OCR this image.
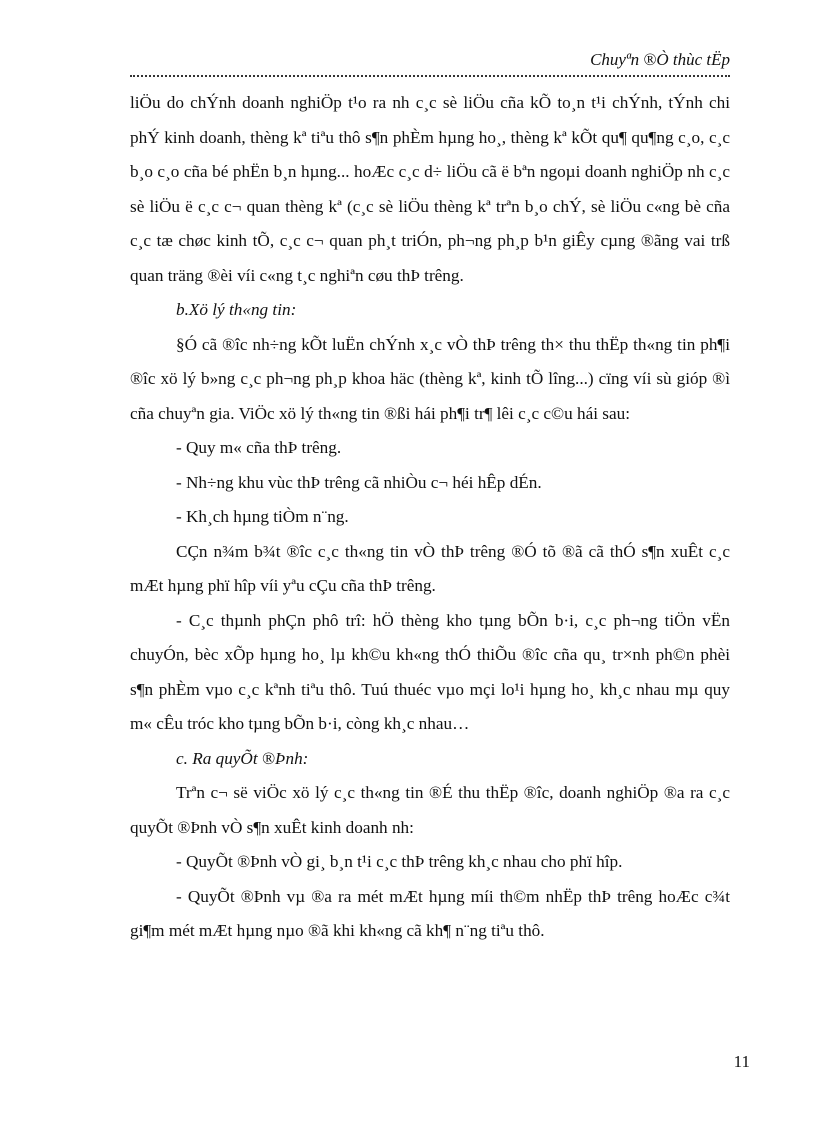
Chuyªn ®Ò thùc tËp

liÖu do chÝnh doanh nghiÖp t¹o ra nh c¸c sè liÖu cña kÕ to¸n t¹i chÝnh, tÝnh chi phÝ kinh doanh, thèng kª tiªu thô s¶n phÈm hµng ho¸, thèng kª kÕt qu¶ qu¶ng c¸o, c¸c b¸o c¸o cña bé phËn b¸n hµng... hoÆc c¸c d÷ liÖu cã ë bªn ngoµi doanh nghiÖp nh c¸c sè liÖu ë c¸c c¬ quan thèng kª (c¸c sè liÖu thèng kª trªn b¸o chÝ, sè liÖu c«ng bè cña c¸c tæ chøc kinh tÕ, c¸c c¬ quan ph¸t triÓn, ph¬ng ph¸p b¹n giÊy cµng ®ãng vai trß quan träng ®èi víi c«ng t¸c nghiªn cøu thÞ trêng.

b.Xö lý th«ng tin:

§Ó cã ®îc nh÷ng kÕt luËn chÝnh x¸c vÒ thÞ trêng th× thu thËp th«ng tin ph¶i ®îc xö lý b»ng c¸c ph¬ng ph¸p khoa häc (thèng kª, kinh tÕ lîng...) cïng víi sù gióp ®ì cña chuyªn gia. ViÖc xö lý th«ng tin ®ßi hái ph¶i tr¶ lêi c¸c c©u hái sau:

- Quy m« cña thÞ trêng.

- Nh÷ng khu vùc thÞ trêng cã nhiÒu c¬ héi hÊp dÉn.

- Kh¸ch hµng tiÒm n¨ng.

CÇn n¾m b¾t ®îc c¸c th«ng tin vÒ thÞ trêng ®Ó tõ ®ã cã thÓ s¶n xuÊt c¸c mÆt hµng phï hîp víi yªu cÇu cña thÞ trêng.

- C¸c thµnh phÇn phô trî: hÖ thèng kho tµng bÕn b·i, c¸c ph¬ng tiÖn vËn chuyÓn, bèc xÕp hµng ho¸ lµ kh©u kh«ng thÓ thiÕu ®îc cña qu¸ tr×nh ph©n phèi s¶n phÈm vµo c¸c kªnh tiªu thô. Tuú thuéc vµo mçi lo¹i hµng ho¸ kh¸c nhau mµ quy m« cÊu tróc kho tµng bÕn b·i, còng kh¸c nhau…

c. Ra quyÕt ®Þnh:

Trªn c¬ së viÖc xö lý c¸c th«ng tin ®É thu thËp ®îc, doanh nghiÖp ®a ra c¸c quyÕt ®Þnh vÒ s¶n xuÊt kinh doanh nh:

- QuyÕt ®Þnh vÒ gi¸ b¸n t¹i c¸c thÞ trêng kh¸c nhau cho phï hîp.

- QuyÕt ®Þnh vµ ®a ra mét mÆt hµng míi th©m nhËp thÞ trêng hoÆc c¾t gi¶m mét mÆt hµng nµo ®ã khi kh«ng cã kh¶ n¨ng tiªu thô.

11
